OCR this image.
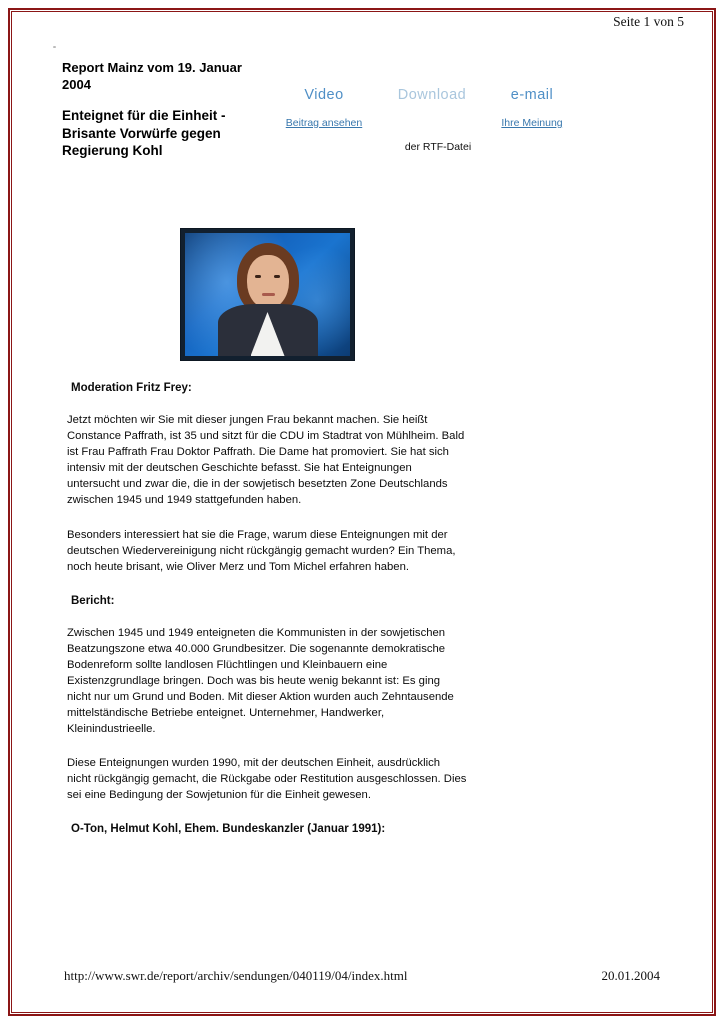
Seite 1 von 5

Report Mainz vom 19. Januar 2004

Enteignet für die Einheit - Brisante Vorwürfe gegen Regierung Kohl

Video
Beitrag ansehen
Download	e-mail
Ihre Meinung
der RTF-Datei
Moderation Fritz Frey:

Jetzt möchten wir Sie mit dieser jungen Frau bekannt machen. Sie heißt Constance Paffrath, ist 35 und sitzt für die CDU im Stadtrat von Mühlheim. Bald ist Frau Paffrath Frau Doktor Paffrath. Die Dame hat promoviert. Sie hat sich intensiv mit der deutschen Geschichte befasst. Sie hat Enteignungen untersucht und zwar die, die in der sowjetisch besetzten Zone Deutschlands zwischen 1945 und 1949 stattgefunden haben.

Besonders interessiert hat sie die Frage, warum diese Enteignungen mit der deutschen Wiedervereinigung nicht rückgängig gemacht wurden? Ein Thema, noch heute brisant, wie Oliver Merz und Tom Michel erfahren haben.

Bericht:

Zwischen 1945 und 1949 enteigneten die Kommunisten in der sowjetischen Beatzungszone etwa 40.000 Grundbesitzer. Die sogenannte demokratische Bodenreform sollte landlosen Flüchtlingen und Kleinbauern eine Existenzgrundlage bringen. Doch was bis heute wenig bekannt ist: Es ging nicht nur um Grund und Boden. Mit dieser Aktion wurden auch Zehntausende mittelständische Betriebe enteignet. Unternehmer, Handwerker, Kleinindustrieelle.

Diese Enteignungen wurden 1990, mit der deutschen Einheit, ausdrücklich nicht rückgängig gemacht, die Rückgabe oder Restitution ausgeschlossen. Dies sei eine Bedingung der Sowjetunion für die Einheit gewesen.

O-Ton, Helmut Kohl, Ehem. Bundeskanzler (Januar 1991):
http://www.swr.de/report/archiv/sendungen/040119/04/index.html	20.01.2004
